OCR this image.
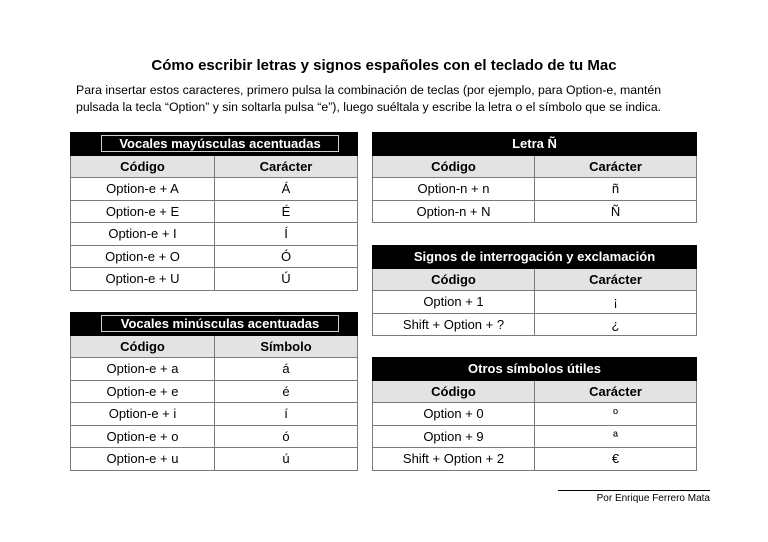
Cómo escribir letras y signos españoles con el teclado de tu Mac
Para insertar estos caracteres, primero pulsa la combinación de teclas (por ejemplo, para Option-e, mantén
pulsada la tecla “Option” y sin soltarla pulsa “e”), luego suéltala y escribe la letra o el símbolo que se indica.
Vocales mayúsculas acentuadas	

Código	Carácter
Option-e + A	Á
Option-e + E	É
Option-e + I	Í
Option-e + O	Ó
Option-e + U	Ú
Vocales minúsculas acentuadas	

Código	Símbolo
Option-e + a	á
Option-e + e	é
Option-e + i	í
Option-e + o	ó
Option-e + u	ú
Letra Ñ	
Código	Carácter
Option-n + n	ñ
Option-n + N	Ñ
Signos de interrogación y exclamación	
Código	Carácter
Option + 1	¡
Shift + Option + ?	¿
Otros símbolos útiles	
Código	Carácter
Option + 0	º
Option + 9	ª
Shift + Option + 2	€
Por Enrique Ferrero Mata
